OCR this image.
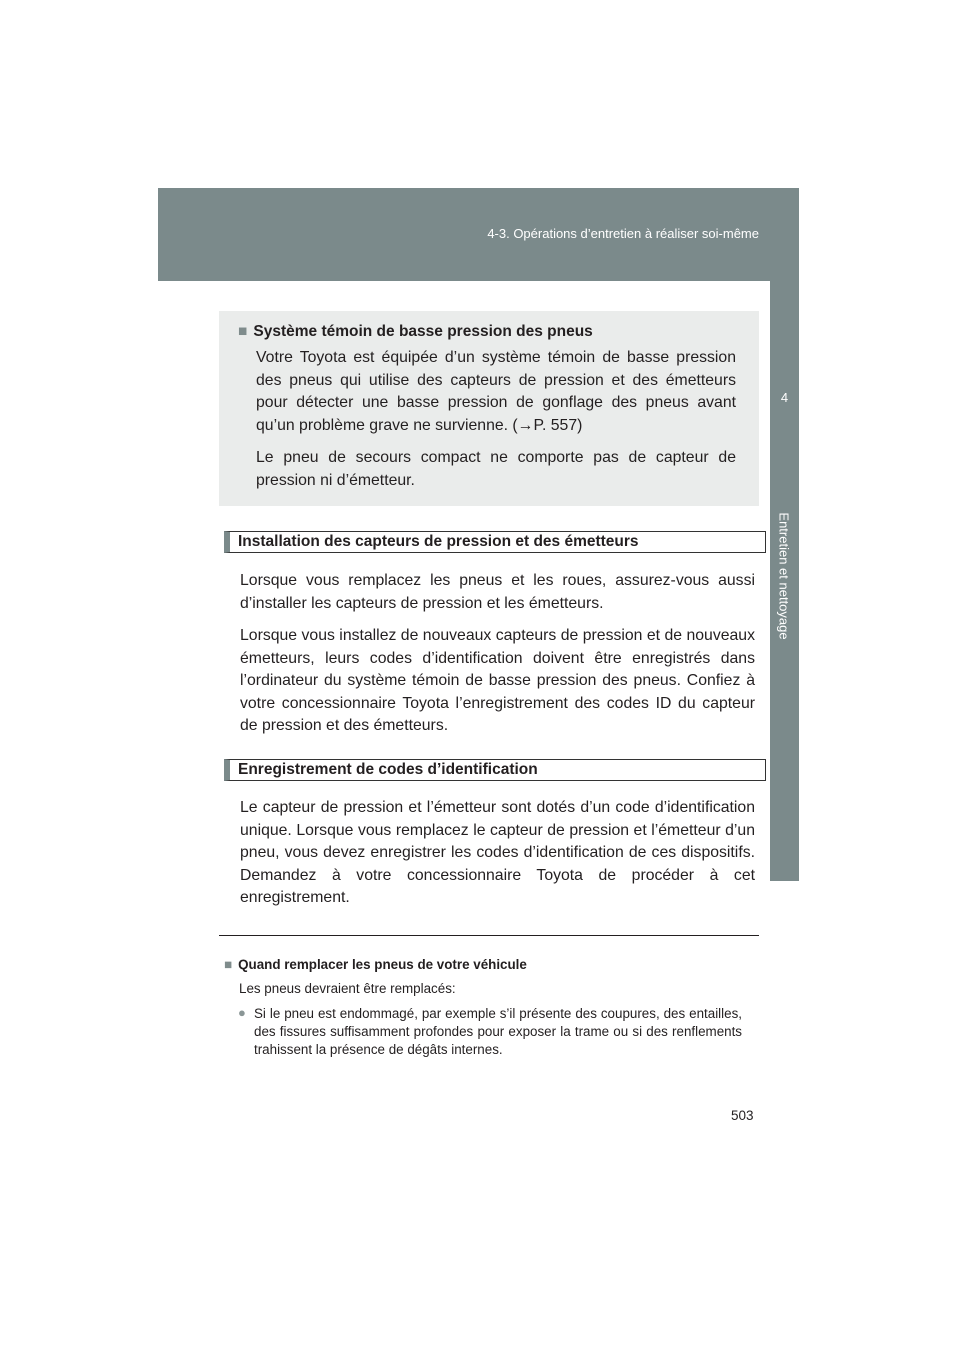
4-3. Opérations d’entretien à réaliser soi-même
4
Entretien et nettoyage
■ Système témoin de basse pression des pneus
Votre Toyota est équipée d’un système témoin de basse pression des pneus qui utilise des capteurs de pression et des émetteurs pour détecter une basse pression de gonflage des pneus avant qu’un problème grave ne survienne. (→P. 557)
Le pneu de secours compact ne comporte pas de capteur de pression ni d’émetteur.
Installation des capteurs de pression et des émetteurs
Lorsque vous remplacez les pneus et les roues, assurez-vous aussi d’installer les capteurs de pression et les émetteurs.
Lorsque vous installez de nouveaux capteurs de pression et de nouveaux émetteurs, leurs codes d’identification doivent être enregistrés dans l’ordinateur du système témoin de basse pression des pneus. Confiez à votre concessionnaire Toyota l’enregistrement des codes ID du capteur de pression et des émetteurs.
Enregistrement de codes d’identification
Le capteur de pression et l’émetteur sont dotés d’un code d’identification unique. Lorsque vous remplacez le capteur de pression et l’émetteur d’un pneu, vous devez enregistrer les codes d’identification de ces dispositifs. Demandez à votre concessionnaire Toyota de procéder à cet enregistrement.
■ Quand remplacer les pneus de votre véhicule
Les pneus devraient être remplacés:
● Si le pneu est endommagé, par exemple s’il présente des coupures, des entailles, des fissures suffisamment profondes pour exposer la trame ou si des renflements trahissent la présence de dégâts internes.
503
